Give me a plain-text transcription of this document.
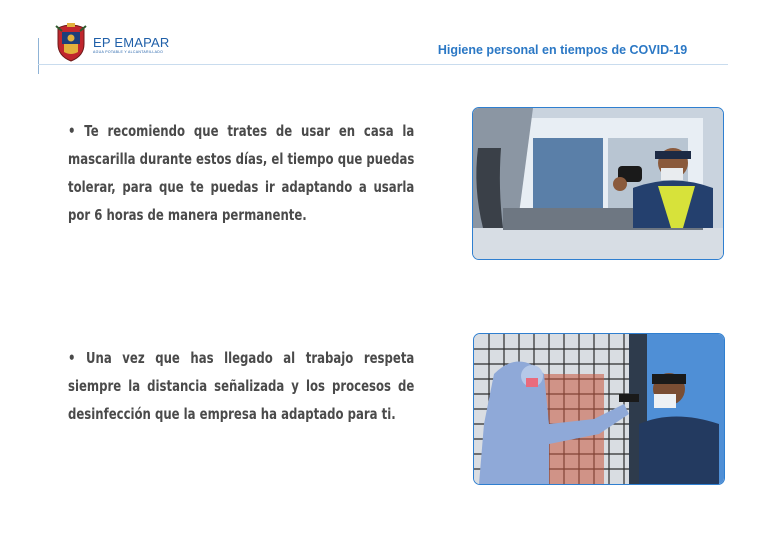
EP EMAPAR
AGUA POTABLE Y ALCANTARILLADO	Higiene personal en tiempos de COVID-19
• Te recomiendo que trates de usar en casa la mascarilla durante estos días, el tiempo que puedas tolerar, para que te puedas ir adaptando a usarla por 6 horas de manera permanente.
• Una vez que has llegado al trabajo respeta siempre la distancia señalizada y los procesos de desinfección que la empresa ha adaptado para ti.
